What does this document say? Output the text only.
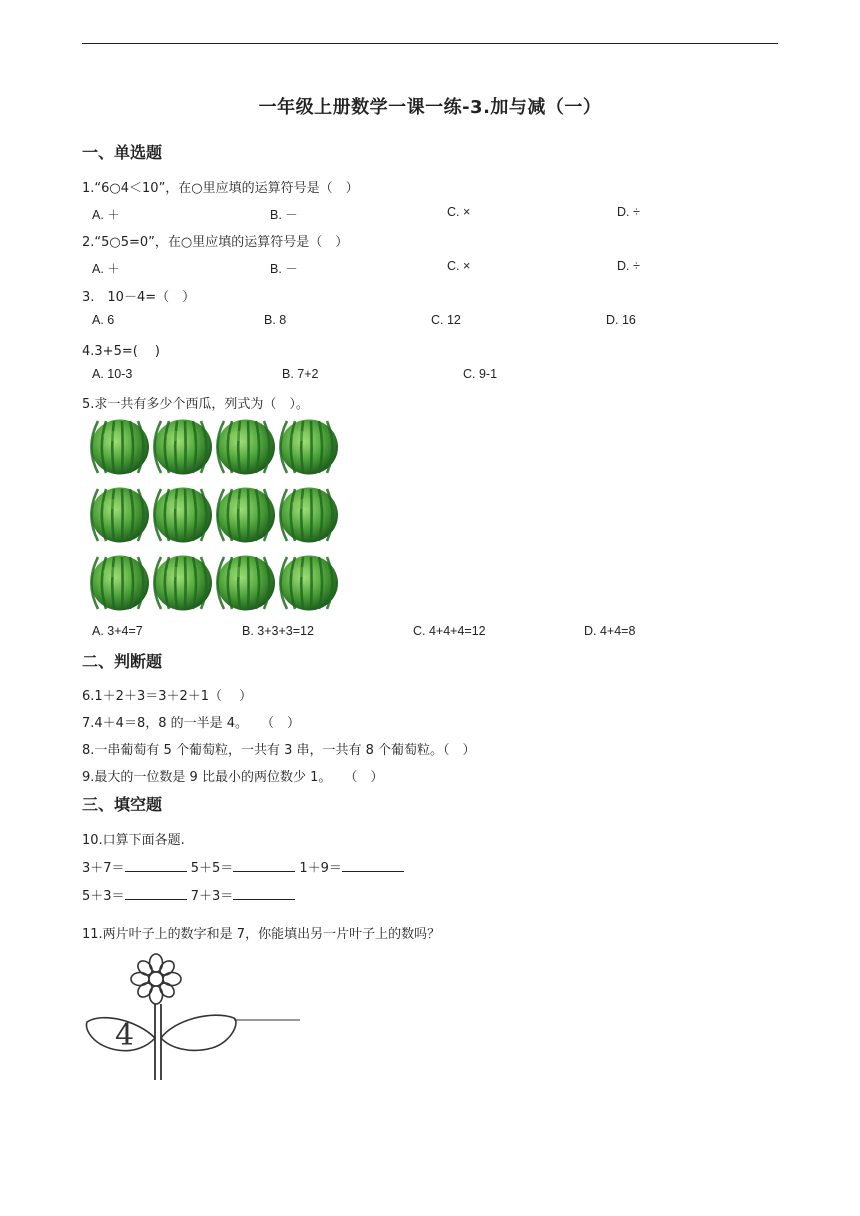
一年级上册数学一课一练-3.加与减（一）
一、单选题
1.“6○4＜10”，在○里应填的运算符号是（　）
A. ＋	B. －	C. ×	D. ÷
2.“5○5=0”，在○里应填的运算符号是（　）
A. ＋	B. －	C. ×	D. ÷
3.　10－4=（　）
A. 6	B. 8	C. 12	D. 16
4.3+5=(　 )
A. 10-3	B. 7+2	C. 9-1
5.求一共有多少个西瓜，列式为（　）。
A. 3+4=7	B. 3+3+3=12	C. 4+4+4=12	D. 4+4=8
二、判断题
6.1＋2＋3＝3＋2＋1（　 ）
7.4＋4＝8，8 的一半是 4。　　（　）
8.一串葡萄有 5 个葡萄粒，一共有 3 串，一共有 8 个葡萄粒。（　）
9.最大的一位数是 9 比最小的两位数少 1。　　（　）
三、填空题
10.口算下面各题.
3＋7＝	5＋5＝	1＋9＝
5＋3＝	7＋3＝
11.两片叶子上的数字和是 7，你能填出另一片叶子上的数吗？
4
